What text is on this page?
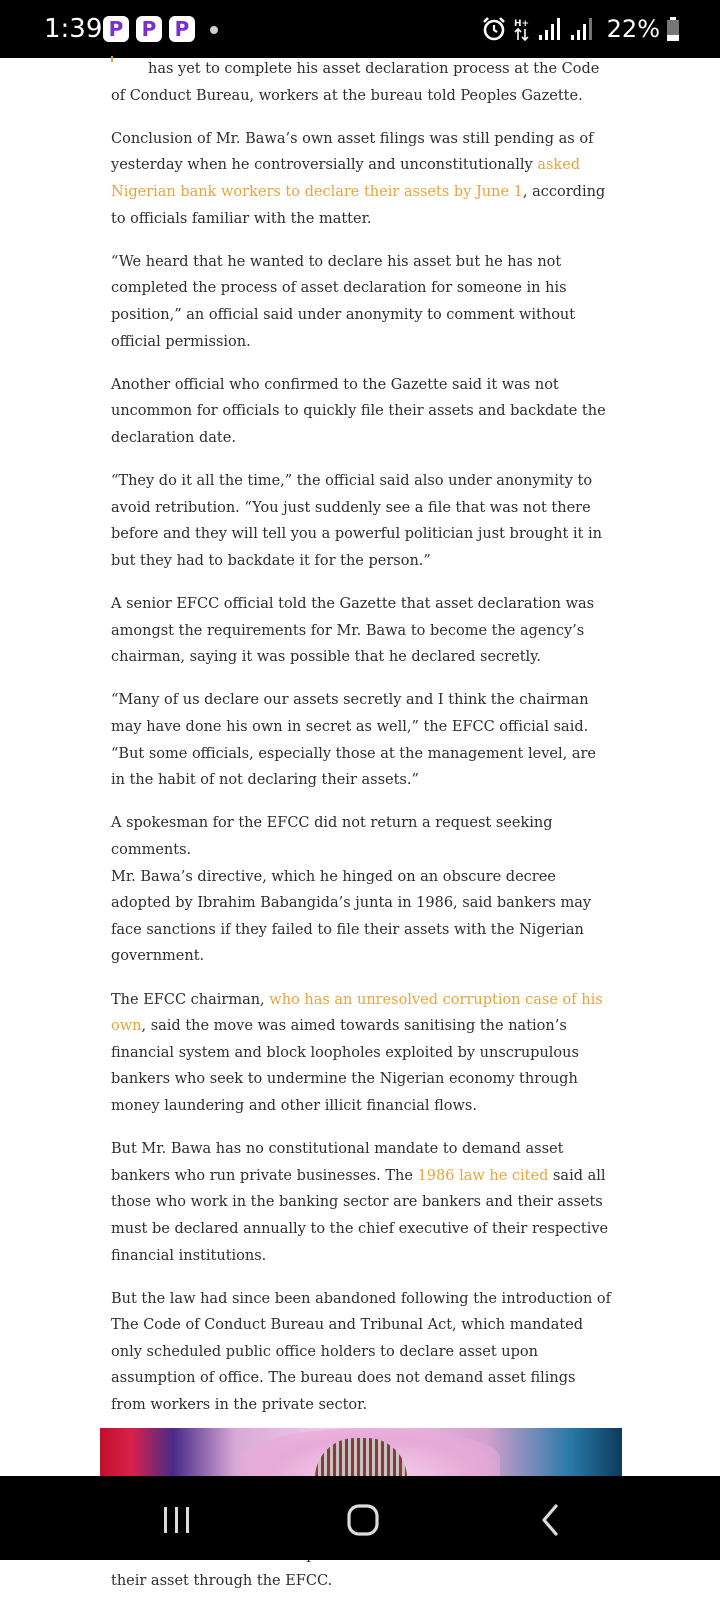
1:39 P P P	H+	22%

has yet to complete his asset declaration process at the Code of Conduct Bureau, workers at the bureau told Peoples Gazette.

Conclusion of Mr. Bawa’s own asset filings was still pending as of yesterday when he controversially and unconstitutionally asked Nigerian bank workers to declare their assets by June 1, according to officials familiar with the matter.

“We heard that he wanted to declare his asset but he has not completed the process of asset declaration for someone in his position,” an official said under anonymity to comment without official permission.

Another official who confirmed to the Gazette said it was not uncommon for officials to quickly file their assets and backdate the declaration date.

“They do it all the time,” the official said also under anonymity to avoid retribution. “You just suddenly see a file that was not there before and they will tell you a powerful politician just brought it in but they had to backdate it for the person.”

A senior EFCC official told the Gazette that asset declaration was amongst the requirements for Mr. Bawa to become the agency’s chairman, saying it was possible that he declared secretly.

“Many of us declare our assets secretly and I think the chairman may have done his own in secret as well,” the EFCC official said. “But some officials, especially those at the management level, are in the habit of not declaring their assets.”

A spokesman for the EFCC did not return a request seeking comments.
Mr. Bawa’s directive, which he hinged on an obscure decree adopted by Ibrahim Babangida’s junta in 1986, said bankers may face sanctions if they failed to file their assets with the Nigerian government.

The EFCC chairman, who has an unresolved corruption case of his own, said the move was aimed towards sanitising the nation’s financial system and block loopholes exploited by unscrupulous bankers who seek to undermine the Nigerian economy through money laundering and other illicit financial flows.

But Mr. Bawa has no constitutional mandate to demand asset bankers who run private businesses. The 1986 law he cited said all those who work in the banking sector are bankers and their assets must be declared annually to the chief executive of their respective financial institutions.

But the law had since been abandoned following the introduction of The Code of Conduct Bureau and Tribunal Act, which mandated only scheduled public office holders to declare asset upon assumption of office. The bureau does not demand asset filings from workers in the private sector.

their asset through the EFCC.
